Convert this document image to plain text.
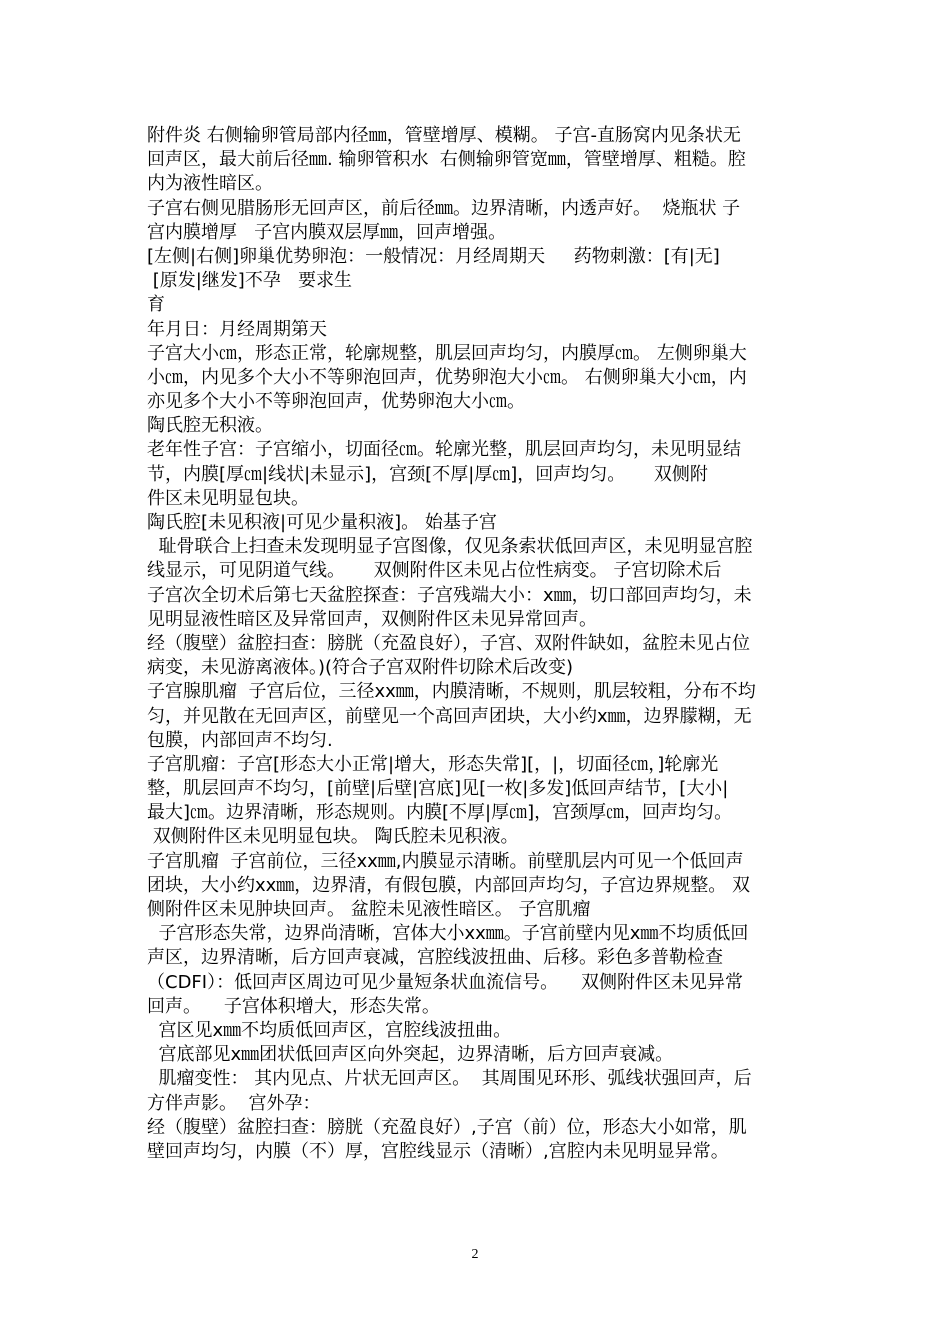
附件炎 右侧输卵管局部内径㎜，管壁增厚、模糊。 子宫-直肠窝内见条状无
回声区，最大前后径㎜. 输卵管积水  右侧输卵管宽㎜，管壁增厚、粗糙。腔
内为液性暗区。
子宫右侧见腊肠形无回声区，前后径㎜。边界清晰，内透声好。  烧瓶状 子
宫内膜增厚   子宫内膜双层厚㎜，回声增强。
[左侧|右侧]卵巢优势卵泡：一般情况：月经周期天     药物刺激：[有|无]
[原发|继发]不孕   要求生
育
年月日：月经周期第天
子宫大小㎝，形态正常，轮廓规整，肌层回声均匀，内膜厚㎝。 左侧卵巢大
小㎝，内见多个大小不等卵泡回声，优势卵泡大小㎝。 右侧卵巢大小㎝，内
亦见多个大小不等卵泡回声，优势卵泡大小㎝。
陶氏腔无积液。
老年性子宫：子宫缩小，切面径㎝。轮廓光整，肌层回声均匀，未见明显结
节，内膜[厚㎝|线状|未显示]，宫颈[不厚|厚㎝]，回声均匀。     双侧附
件区未见明显包块。
陶氏腔[未见积液|可见少量积液]。 始基子宫
耻骨联合上扫查未发现明显子宫图像，仅见条索状低回声区，未见明显宫腔
线显示，可见阴道气线。     双侧附件区未见占位性病变。 子宫切除术后
子宫次全切术后第七天盆腔探查：子宫残端大小：x㎜，切口部回声均匀，未
见明显液性暗区及异常回声，双侧附件区未见异常回声。
经（腹壁）盆腔扫查：膀胱（充盈良好），子宫、双附件缺如，盆腔未见占位
病变，未见游离液体。)(符合子宫双附件切除术后改变)
子宫腺肌瘤  子宫后位，三径xx㎜，内膜清晰，不规则，肌层较粗，分布不均
匀，并见散在无回声区，前壁见一个高回声团块，大小约x㎜，边界朦糊，无
包膜，内部回声不均匀.
子宫肌瘤：子宫[形态大小正常|增大，形态失常][，|，切面径㎝，]轮廓光
整，肌层回声不均匀，[前壁|后壁|宫底]见[一枚|多发]低回声结节，[大小|
最大]㎝。边界清晰，形态规则。内膜[不厚|厚㎝]，宫颈厚㎝，回声均匀。
双侧附件区未见明显包块。 陶氏腔未见积液。
子宫肌瘤  子宫前位，三径xx㎜,内膜显示清晰。前壁肌层内可见一个低回声
团块，大小约xx㎜，边界清，有假包膜，内部回声均匀，子宫边界规整。 双
侧附件区未见肿块回声。 盆腔未见液性暗区。 子宫肌瘤
子宫形态失常，边界尚清晰，宫体大小xx㎜。子宫前壁内见x㎜不均质低回
声区，边界清晰，后方回声衰减，宫腔线波扭曲、后移。彩色多普勒检查
（CDFI）：低回声区周边可见少量短条状血流信号。    双侧附件区未见异常
回声。    子宫体积增大，形态失常。
宫区见x㎜不均质低回声区，宫腔线波扭曲。
宫底部见x㎜团状低回声区向外突起，边界清晰，后方回声衰减。
肌瘤变性： 其内见点、片状无回声区。  其周围见环形、弧线状强回声，后
方伴声影。  宫外孕：
经（腹壁）盆腔扫查：膀胱（充盈良好）,子宫（前）位，形态大小如常，肌
壁回声均匀，内膜（不）厚，宫腔线显示（清晰）,宫腔内未见明显异常。
2
